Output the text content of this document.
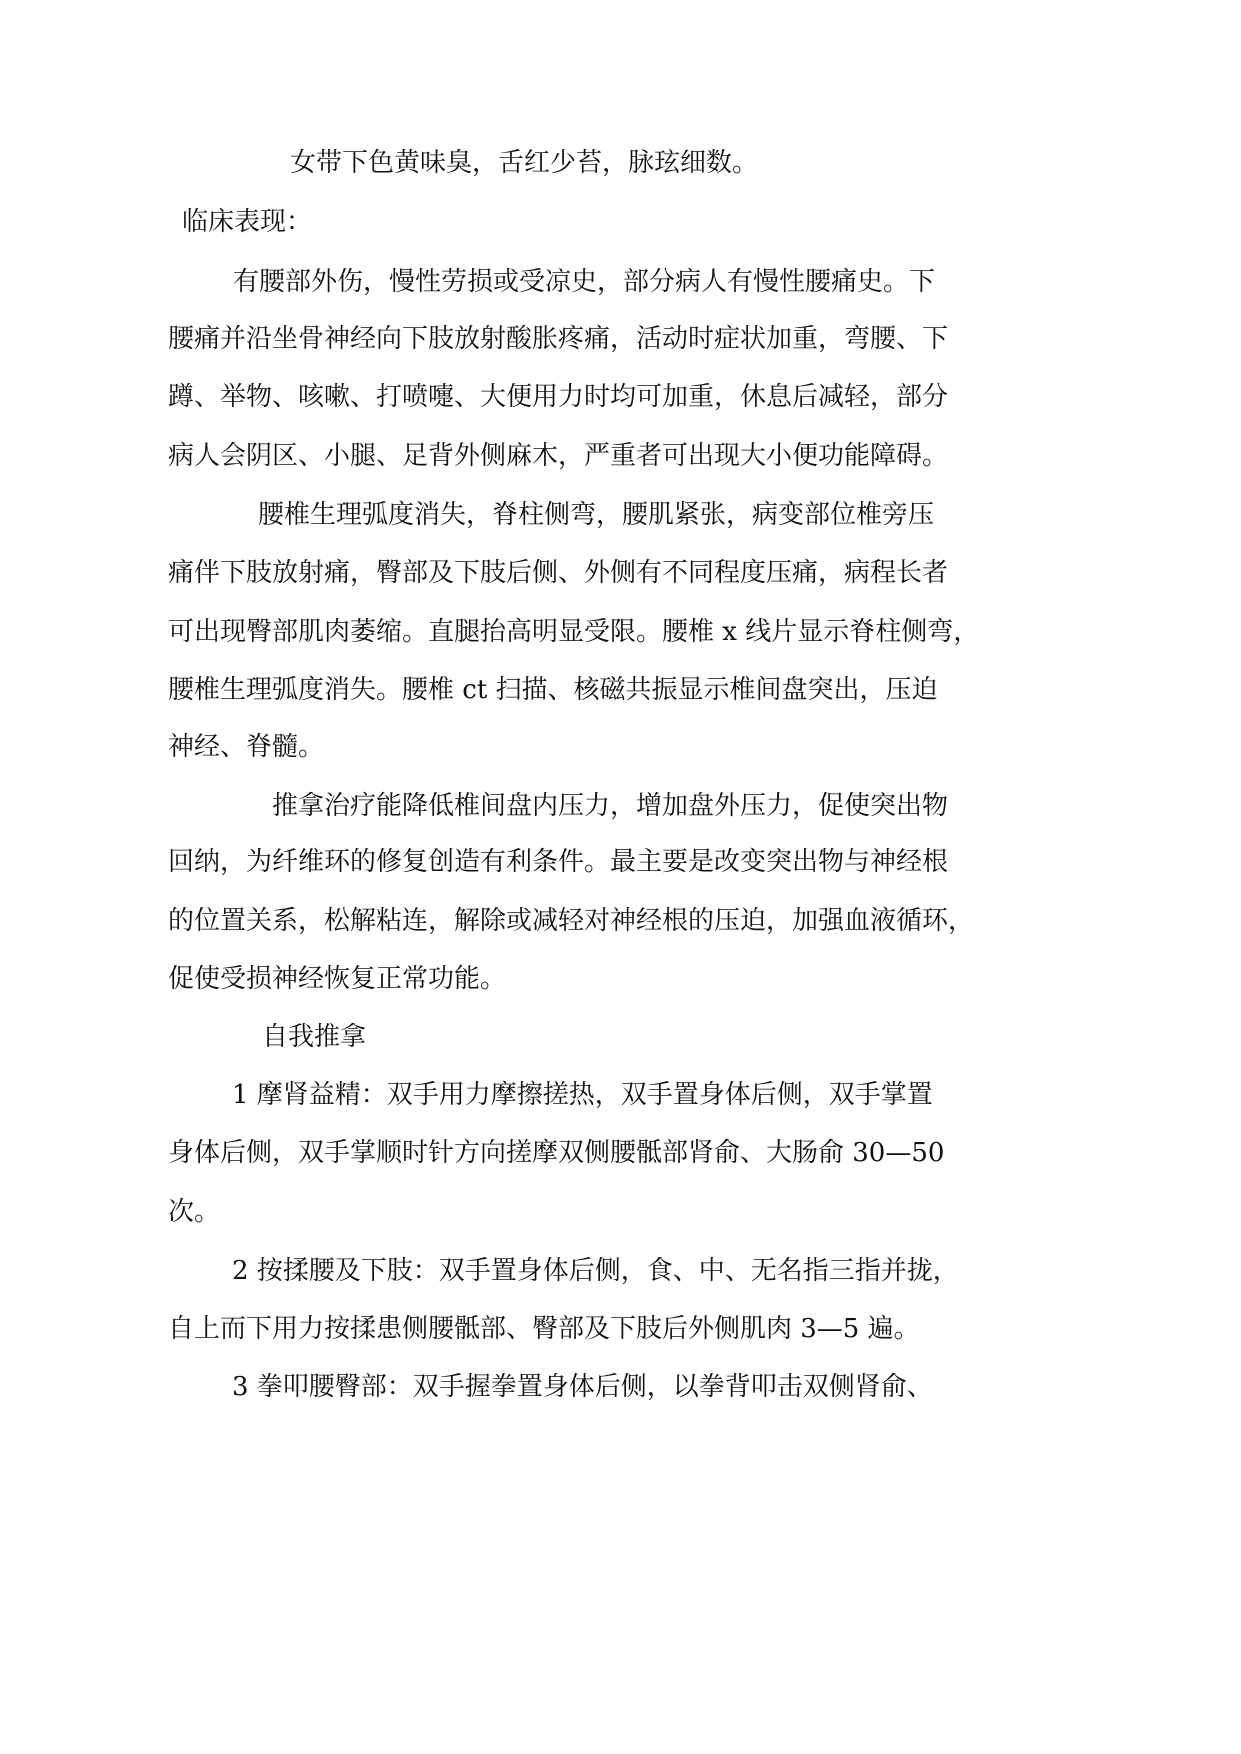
女带下色黄味臭，舌红少苔，脉玹细数。
临床表现：
有腰部外伤，慢性劳损或受凉史，部分病人有慢性腰痛史。下
腰痛并沿坐骨神经向下肢放射酸胀疼痛，活动时症状加重，弯腰、下
蹲、举物、咳嗽、打喷嚏、大便用力时均可加重，休息后减轻，部分
病人会阴区、小腿、足背外侧麻木，严重者可出现大小便功能障碍。
腰椎生理弧度消失，脊柱侧弯，腰肌紧张，病变部位椎旁压
痛伴下肢放射痛，臀部及下肢后侧、外侧有不同程度压痛，病程长者
可出现臀部肌肉萎缩。直腿抬高明显受限。腰椎 x 线片显示脊柱侧弯，
腰椎生理弧度消失。腰椎 ct 扫描、核磁共振显示椎间盘突出，压迫
神经、脊髓。
推拿治疗能降低椎间盘内压力，增加盘外压力，促使突出物
回纳，为纤维环的修复创造有利条件。最主要是改变突出物与神经根
的位置关系，松解粘连，解除或减轻对神经根的压迫，加强血液循环，
促使受损神经恢复正常功能。
自我推拿
1 摩肾益精：双手用力摩擦搓热，双手置身体后侧，双手掌置
身体后侧，双手掌顺时针方向搓摩双侧腰骶部肾俞、大肠俞 30—50
次。
2 按揉腰及下肢：双手置身体后侧，食、中、无名指三指并拢，
自上而下用力按揉患侧腰骶部、臀部及下肢后外侧肌肉 3—5 遍。
3 拳叩腰臀部：双手握拳置身体后侧，以拳背叩击双侧肾俞、
